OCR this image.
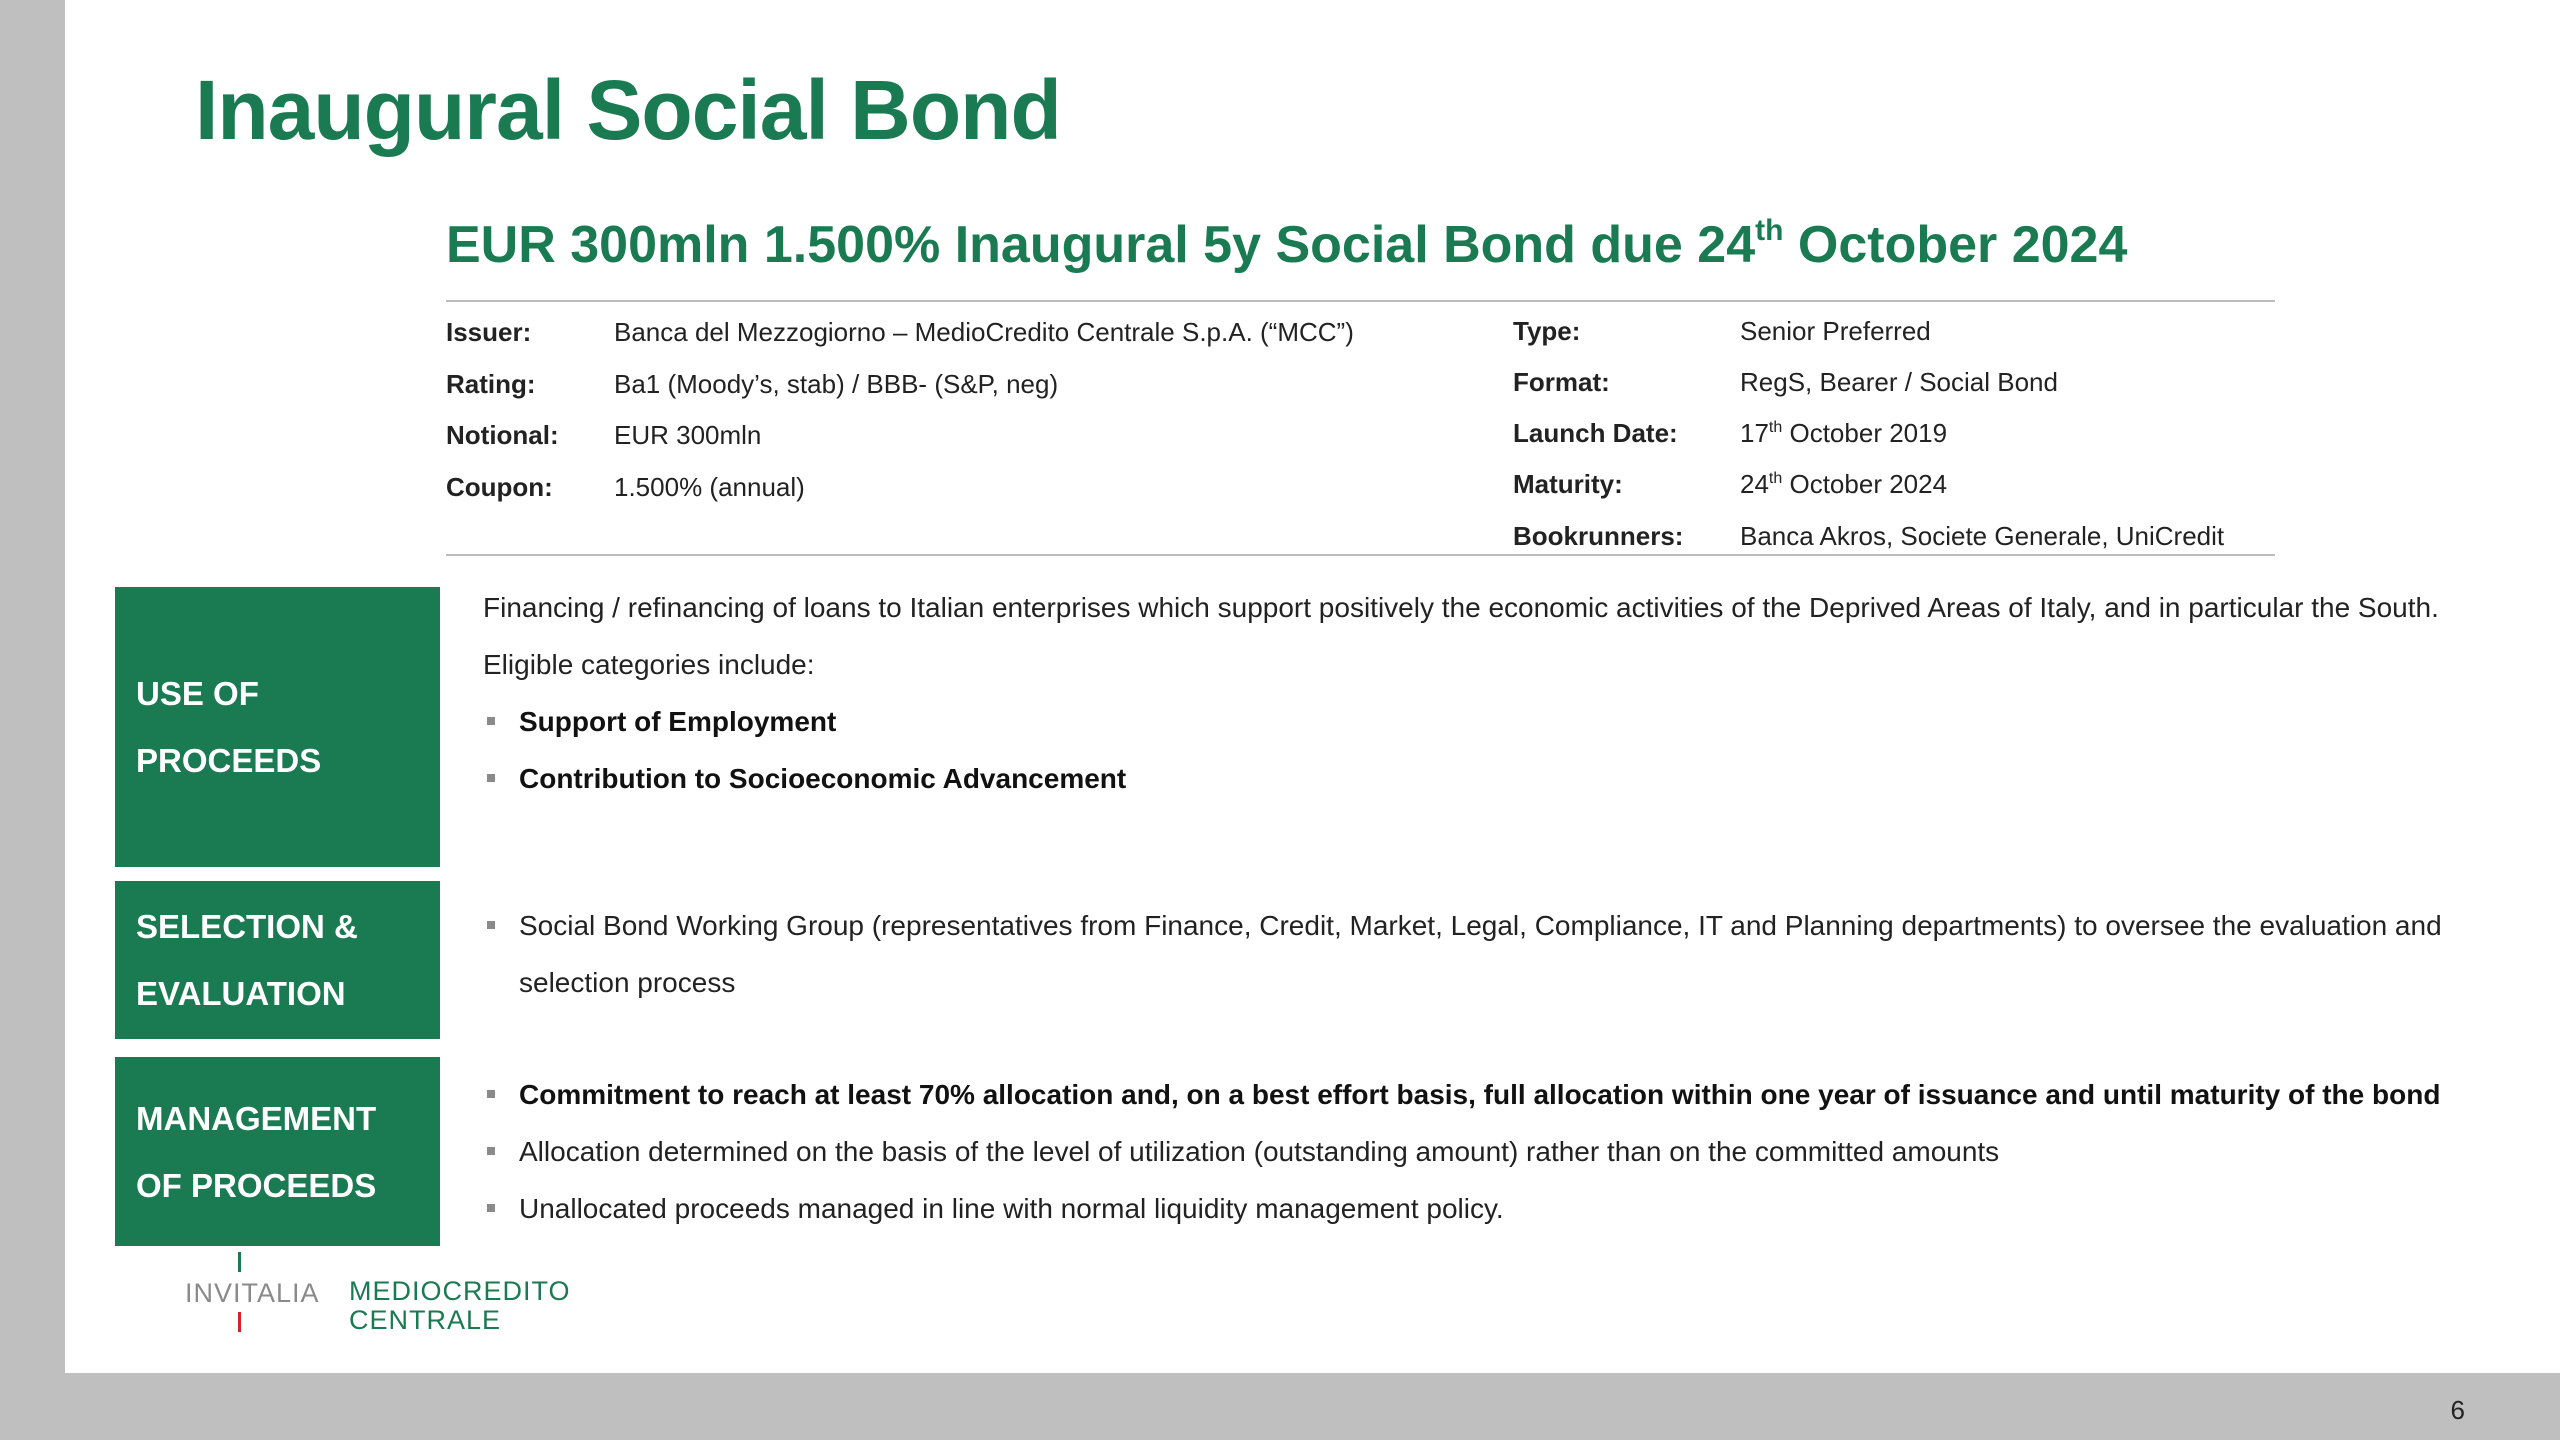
Inaugural Social Bond
EUR 300mln 1.500% Inaugural 5y Social Bond due 24th October 2024
Issuer:	Banca del Mezzogiorno – MedioCredito Centrale S.p.A. (“MCC”)
Rating:	Ba1 (Moody’s, stab) / BBB- (S&P, neg)
Notional: EUR 300mln
Coupon: 1.500% (annual)
Type:	Senior Preferred
Format:	RegS, Bearer / Social Bond
Launch Date: 17th October 2019
Maturity:	24th October 2024
Bookrunners: Banca Akros, Societe Generale, UniCredit
USE OF PROCEEDS

Financing / refinancing of loans to Italian enterprises which support positively the economic activities of the Deprived Areas of Italy, and in particular the South.

Eligible categories include:

Support of Employment
Contribution to Socioeconomic Advancement
SELECTION &
EVALUATION
Social Bond Working Group (representatives from Finance, Credit, Market, Legal, Compliance, IT and Planning departments) to oversee the evaluation and selection process
MANAGEMENT
OF PROCEEDS
Commitment to reach at least 70% allocation and, on a best effort basis, full allocation within one year of issuance and until maturity of the bond
Allocation determined on the basis of the level of utilization (outstanding amount) rather than on the committed amounts
Unallocated proceeds managed in line with normal liquidity management policy.
INVITALIA MEDIOCREDITO
CENTRALE
6
